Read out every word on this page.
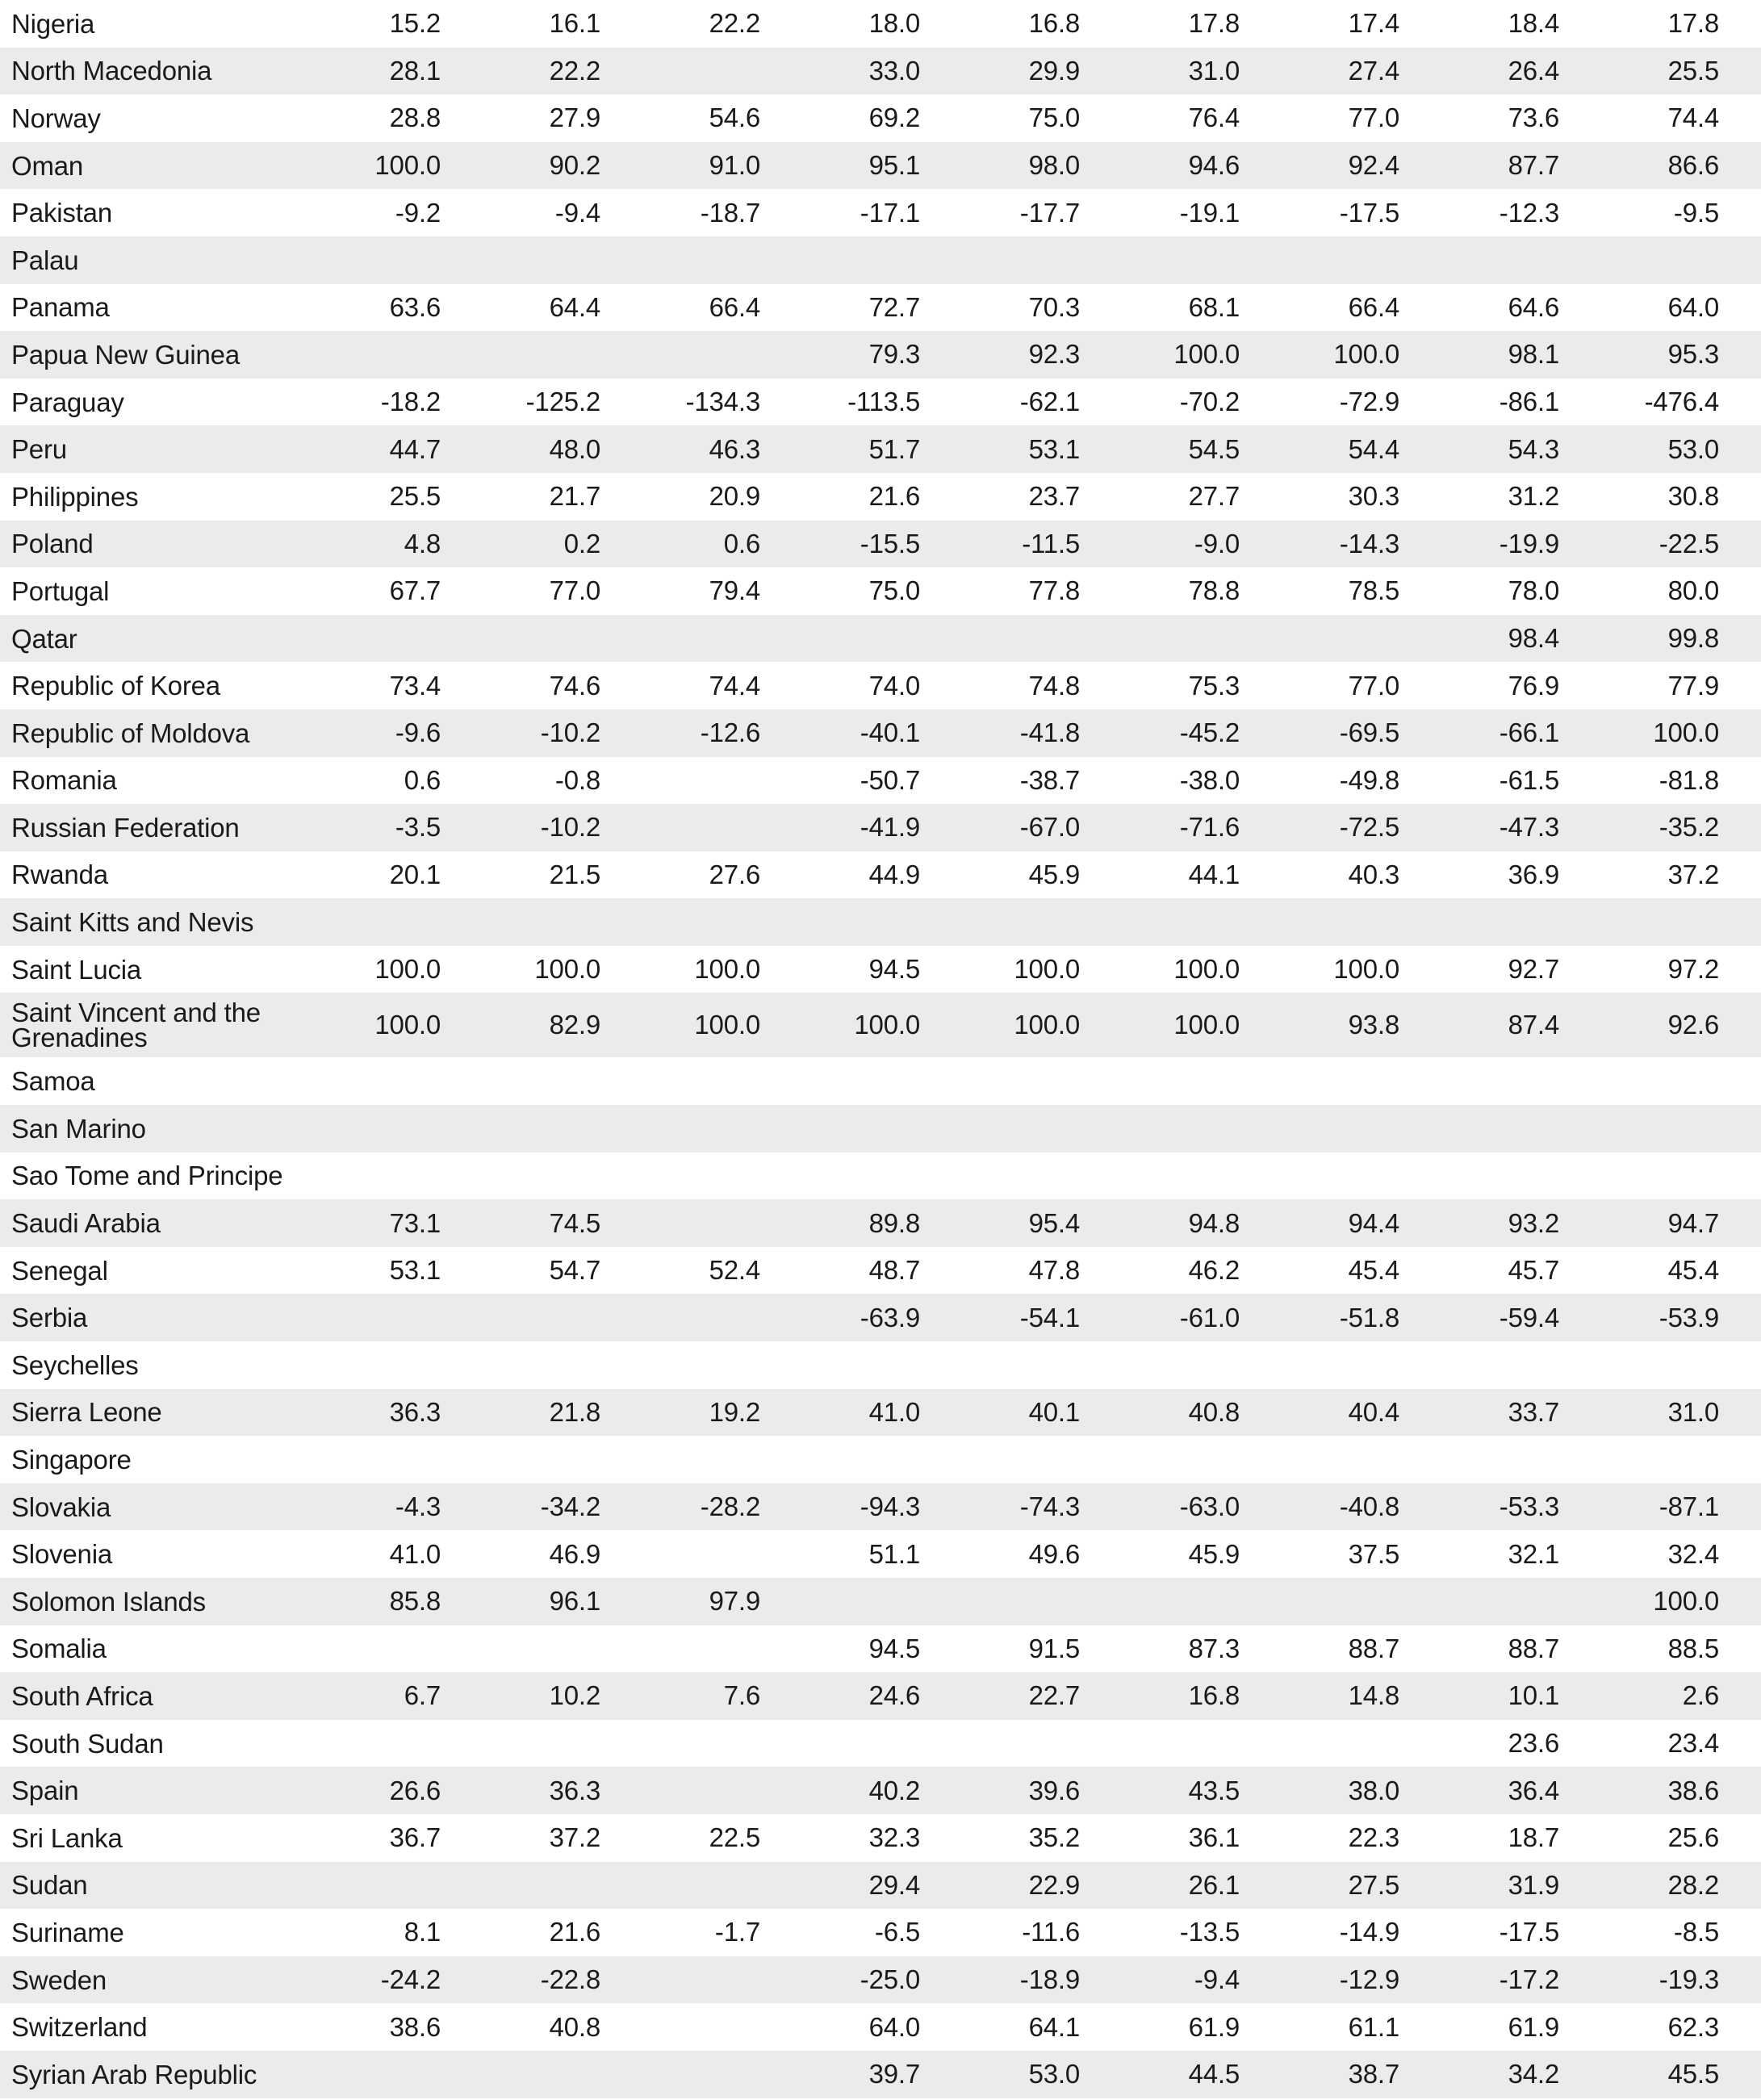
Nigeria	15.2	16.1	22.2	18.0	16.8	17.8	17.4	18.4	17.8
North Macedonia	28.1	22.2		33.0	29.9	31.0	27.4	26.4	25.5
Norway	28.8	27.9	54.6	69.2	75.0	76.4	77.0	73.6	74.4
Oman	100.0	90.2	91.0	95.1	98.0	94.6	92.4	87.7	86.6
Pakistan	-9.2	-9.4	-18.7	-17.1	-17.7	-19.1	-17.5	-12.3	-9.5
Palau									
Panama	63.6	64.4	66.4	72.7	70.3	68.1	66.4	64.6	64.0
Papua New Guinea				79.3	92.3	100.0	100.0	98.1	95.3
Paraguay	-18.2	-125.2	-134.3	-113.5	-62.1	-70.2	-72.9	-86.1	-476.4
Peru	44.7	48.0	46.3	51.7	53.1	54.5	54.4	54.3	53.0
Philippines	25.5	21.7	20.9	21.6	23.7	27.7	30.3	31.2	30.8
Poland	4.8	0.2	0.6	-15.5	-11.5	-9.0	-14.3	-19.9	-22.5
Portugal	67.7	77.0	79.4	75.0	77.8	78.8	78.5	78.0	80.0
Qatar								98.4	99.8
Republic of Korea	73.4	74.6	74.4	74.0	74.8	75.3	77.0	76.9	77.9
Republic of Moldova	-9.6	-10.2	-12.6	-40.1	-41.8	-45.2	-69.5	-66.1	100.0
Romania	0.6	-0.8		-50.7	-38.7	-38.0	-49.8	-61.5	-81.8
Russian Federation	-3.5	-10.2		-41.9	-67.0	-71.6	-72.5	-47.3	-35.2
Rwanda	20.1	21.5	27.6	44.9	45.9	44.1	40.3	36.9	37.2
Saint Kitts and Nevis									
Saint Lucia	100.0	100.0	100.0	94.5	100.0	100.0	100.0	92.7	97.2
Saint Vincent and the Grenadines	100.0	82.9	100.0	100.0	100.0	100.0	93.8	87.4	92.6
Samoa									
San Marino									
Sao Tome and Principe									
Saudi Arabia	73.1	74.5		89.8	95.4	94.8	94.4	93.2	94.7
Senegal	53.1	54.7	52.4	48.7	47.8	46.2	45.4	45.7	45.4
Serbia				-63.9	-54.1	-61.0	-51.8	-59.4	-53.9
Seychelles									
Sierra Leone	36.3	21.8	19.2	41.0	40.1	40.8	40.4	33.7	31.0
Singapore									
Slovakia	-4.3	-34.2	-28.2	-94.3	-74.3	-63.0	-40.8	-53.3	-87.1
Slovenia	41.0	46.9		51.1	49.6	45.9	37.5	32.1	32.4
Solomon Islands	85.8	96.1	97.9						100.0
Somalia				94.5	91.5	87.3	88.7	88.7	88.5
South Africa	6.7	10.2	7.6	24.6	22.7	16.8	14.8	10.1	2.6
South Sudan								23.6	23.4
Spain	26.6	36.3		40.2	39.6	43.5	38.0	36.4	38.6
Sri Lanka	36.7	37.2	22.5	32.3	35.2	36.1	22.3	18.7	25.6
Sudan				29.4	22.9	26.1	27.5	31.9	28.2
Suriname	8.1	21.6	-1.7	-6.5	-11.6	-13.5	-14.9	-17.5	-8.5
Sweden	-24.2	-22.8		-25.0	-18.9	-9.4	-12.9	-17.2	-19.3
Switzerland	38.6	40.8		64.0	64.1	61.9	61.1	61.9	62.3
Syrian Arab Republic				39.7	53.0	44.5	38.7	34.2	45.5
